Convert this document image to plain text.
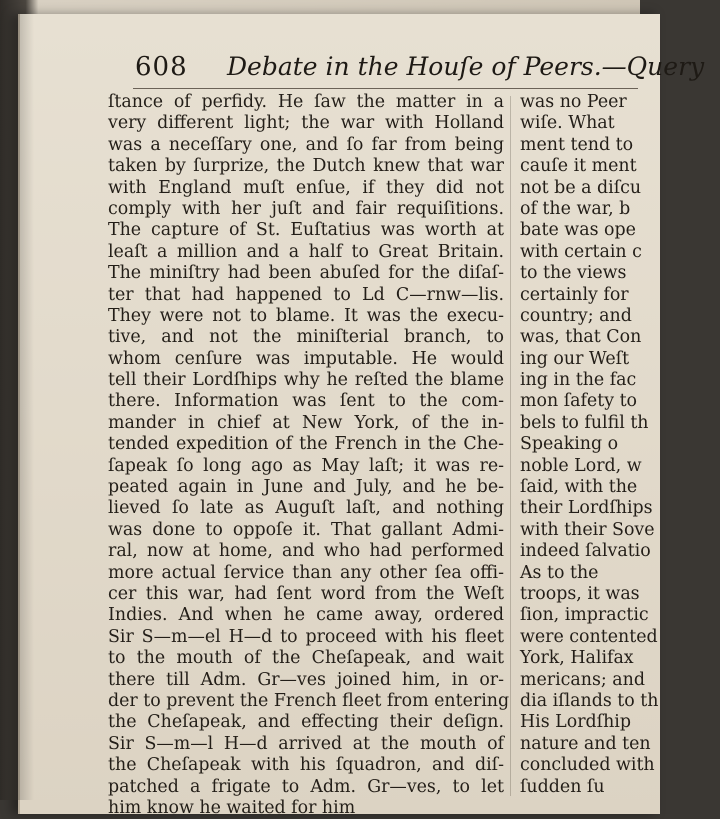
608 Debate in the Houſe of Peers.—Query
ſtance of perfidy. He ſaw the matter in a
very different light; the war with Holland
was a neceſſary one, and ſo far from being
taken by ſurprize, the Dutch knew that war
with England muſt enſue, if they did not
comply with her juſt and fair requiſitions.
The capture of St. Euſtatius was worth at
leaſt a million and a half to Great Britain.
The miniſtry had been abuſed for the diſaſ-
ter that had happened to Ld C—rnw—lis.
They were not to blame. It was the execu-
tive, and not the miniſterial branch, to
whom cenſure was imputable. He would
tell their Lordſhips why he reſted the blame
there. Information was ſent to the com-
mander in chief at New York, of the in-
tended expedition of the French in the Che-
ſapeak ſo long ago as May laſt; it was re-
peated again in June and July, and he be-
lieved ſo late as Auguſt laſt, and nothing
was done to oppoſe it. That gallant Admi-
ral, now at home, and who had performed
more actual ſervice than any other ſea offi-
cer this war, had ſent word from the Weſt
Indies. And when he came away, ordered
Sir S—m—el H—d to proceed with his fleet
to the mouth of the Cheſapeak, and wait
there till Adm. Gr—ves joined him, in or-
der to prevent the French fleet from entering
the Cheſapeak, and effecting their deſign.
Sir S—m—l H—d arrived at the mouth of
the Cheſapeak with his ſquadron, and diſ-
patched a frigate to Adm. Gr—ves, to let
him know he waited for him
was no Peer
wiſe. What
ment tend to
cauſe it ment
not be a diſcu
of the war, b
bate was ope
with certain c
to the views
certainly for
country; and
was, that Con
ing our Weſt
ing in the fac
mon ſafety to
bels to fulfil th
Speaking o
noble Lord, w
ſaid, with the
their Lordſhips
with their Sove
indeed ſalvatio
As to the
troops, it was
ſion, impractic
were contented
York, Halifax
mericans; and
dia iſlands to th
His Lordſhip
nature and ten
concluded with
ſudden ſu
